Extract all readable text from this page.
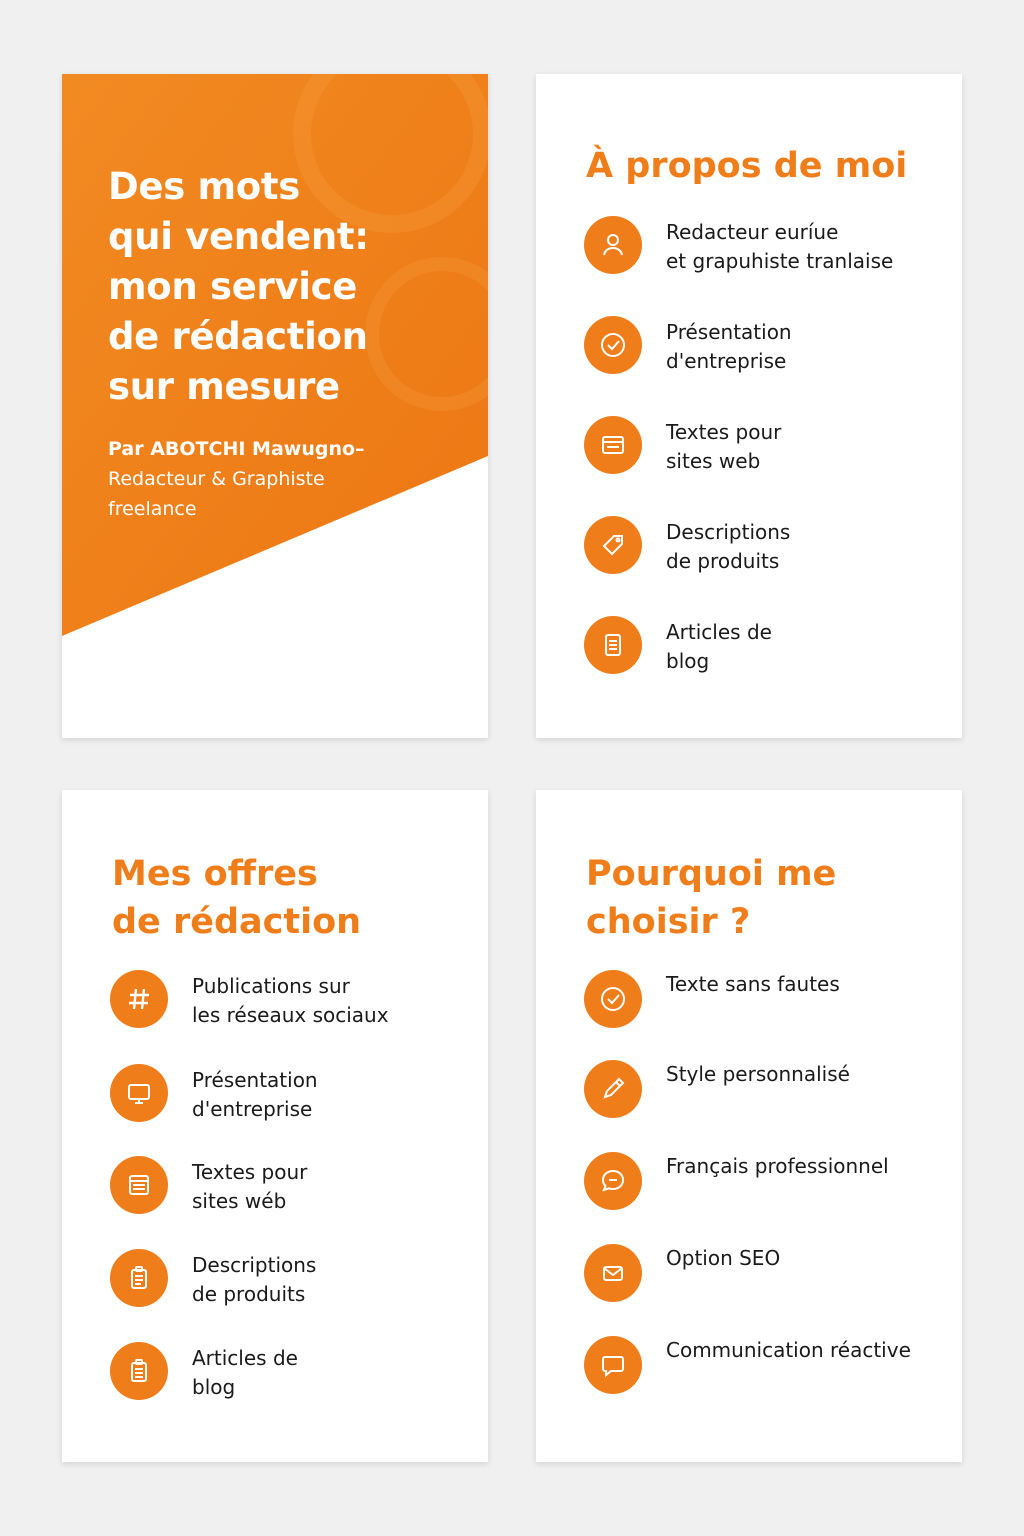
Des mots
qui vendent:
mon service
de rédaction
sur mesure
Par ABOTCHI Mawugno–
Redacteur & Graphiste
freelance
À propos de moi
Redacteur euríue
et grapuhiste tranlaise
Présentation
d'entreprise
Textes pour
sites web
Descriptions
de produits
Articles de
blog
Mes offres
de rédaction
Publications sur
les réseaux sociaux
Présentation
d'entreprise
Textes pour
sites wéb
Descriptions
de produits
Articles de
blog
Pourquoi me
choisir ?
Texte sans fautes
Style personnalisé
Français professionnel
Option SEO
Communication réactive
